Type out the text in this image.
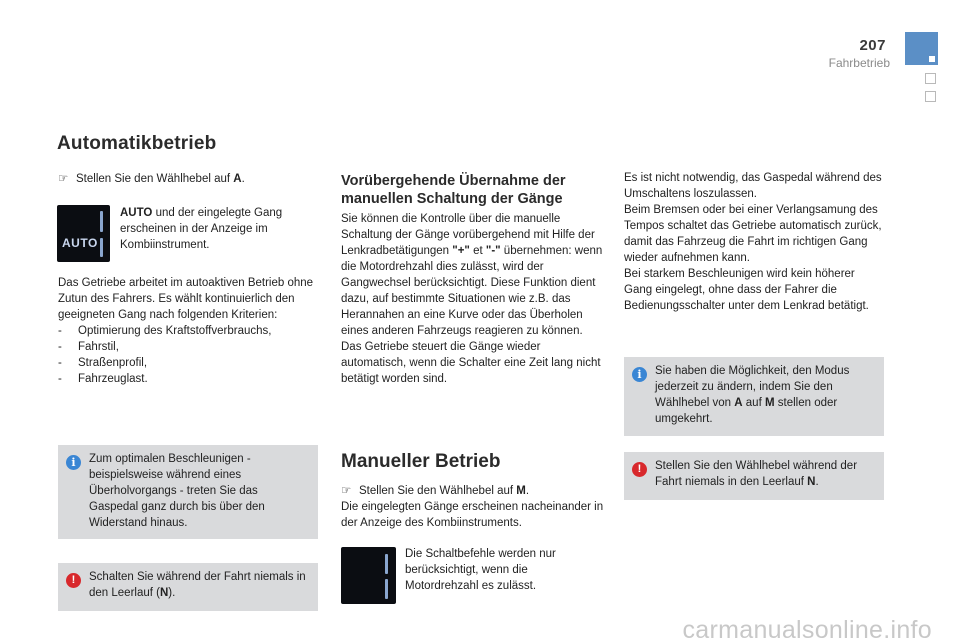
207
Fahrbetrieb
Automatikbetrieb
☞ Stellen Sie den Wählhebel auf A.
AUTO
AUTO und der eingelegte Gang erscheinen in der Anzeige im Kombiinstrument.

Das Getriebe arbeitet im autoaktiven Betrieb ohne Zutun des Fahrers. Es wählt kontinuierlich den geeigneten Gang nach folgenden Kriterien:

- Optimierung des Kraftstoffverbrauchs,
- Fahrstil,
- Straßenprofil,
- Fahrzeuglast.
i	Zum optimalen Beschleunigen - beispielsweise während eines Überholvorgangs - treten Sie das Gaspedal ganz durch bis über den Widerstand hinaus.
!	Schalten Sie während der Fahrt niemals in den Leerlauf (N).
Vorübergehende Übernahme der manuellen Schaltung der Gänge

Sie können die Kontrolle über die manuelle Schaltung der Gänge vorübergehend mit Hilfe der Lenkradbetätigungen "+" et "-" übernehmen: wenn die Motordrehzahl dies zulässt, wird der Gangwechsel berücksichtigt. Diese Funktion dient dazu, auf bestimmte Situationen wie z.B. das Herannahen an eine Kurve oder das Überholen eines anderen Fahrzeugs reagieren zu können.

Das Getriebe steuert die Gänge wieder automatisch, wenn die Schalter eine Zeit lang nicht betätigt worden sind.

Manueller Betrieb
☞ Stellen Sie den Wählhebel auf M.

Die eingelegten Gänge erscheinen nacheinander in der Anzeige des Kombiinstruments.

Die Schaltbefehle werden nur berücksichtigt, wenn die Motordrehzahl es zulässt.

Es ist nicht notwendig, das Gaspedal während des Umschaltens loszulassen.

Beim Bremsen oder bei einer Verlangsamung des Tempos schaltet das Getriebe automatisch zurück, damit das Fahrzeug die Fahrt im richtigen Gang wieder aufnehmen kann.

Bei starkem Beschleunigen wird kein höherer Gang eingelegt, ohne dass der Fahrer die Bedienungsschalter unter dem Lenkrad betätigt.

i	Sie haben die Möglichkeit, den Modus jederzeit zu ändern, indem Sie den Wählhebel von A auf M stellen oder umgekehrt.
!	Stellen Sie den Wählhebel während der Fahrt niemals in den Leerlauf N.
carmanualsonline.info
